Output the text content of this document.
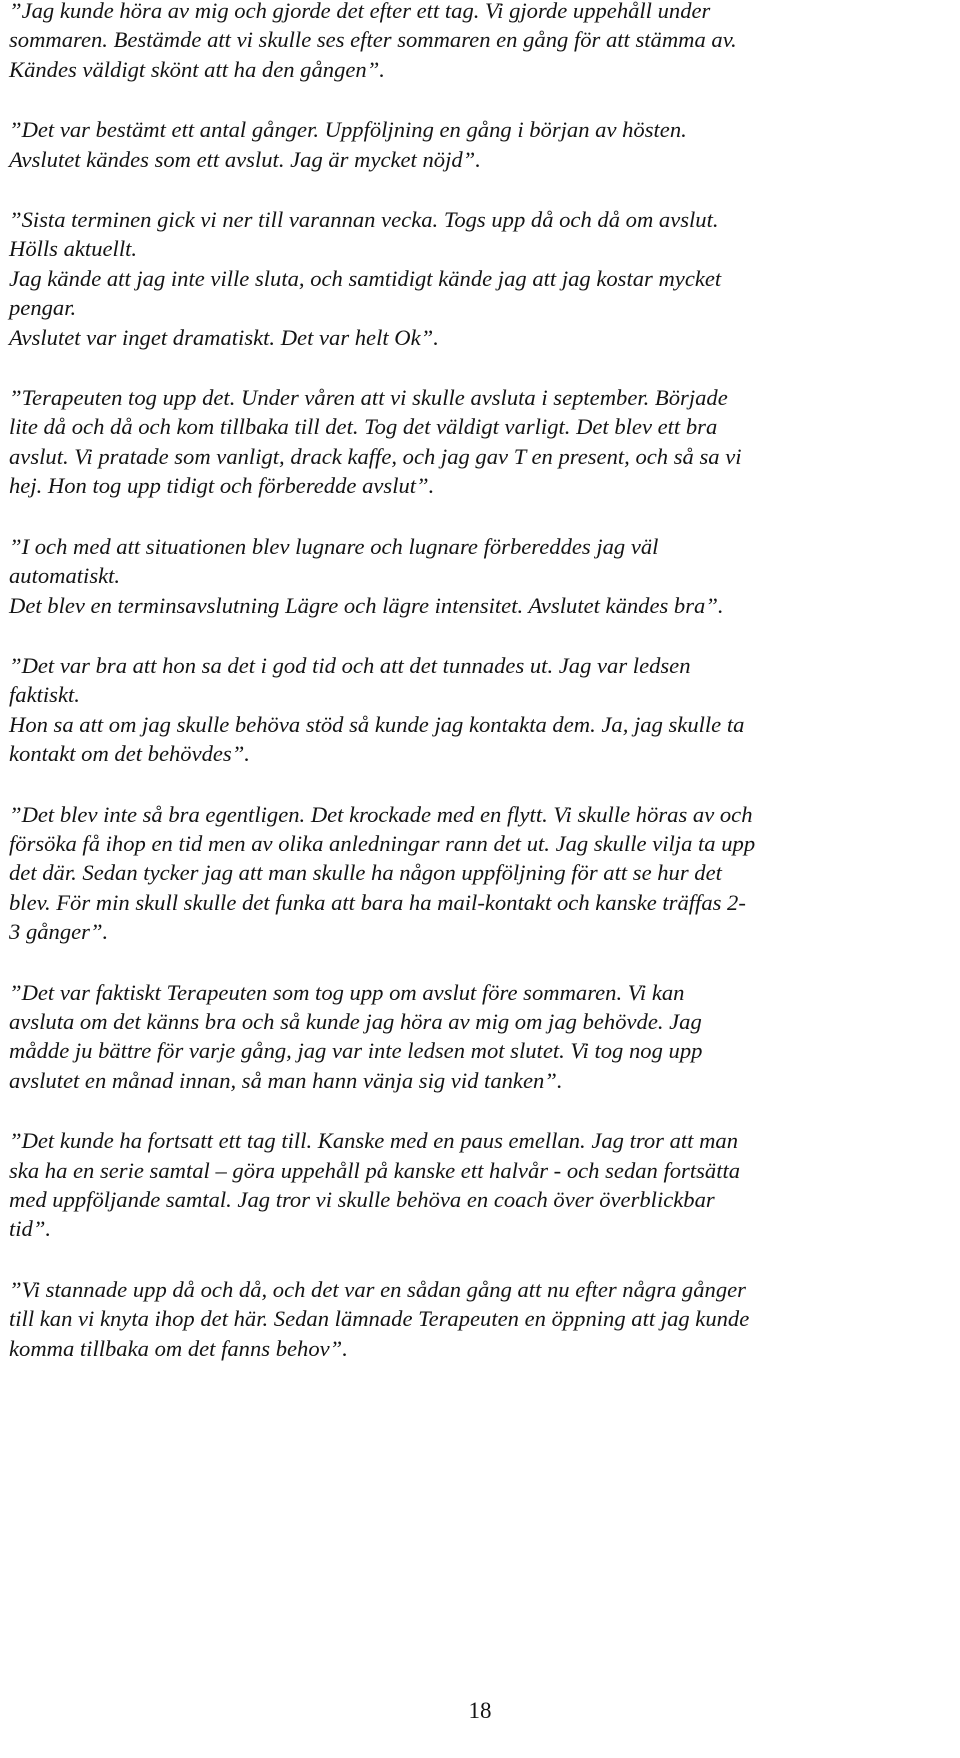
”Jag kunde höra av mig och gjorde det efter ett tag. Vi gjorde uppehåll under
sommaren. Bestämde att vi skulle ses efter sommaren en gång för att stämma av.
Kändes väldigt skönt att ha den gången”.
”Det var bestämt ett antal gånger. Uppföljning en gång i början av hösten.
Avslutet kändes som ett avslut. Jag är mycket nöjd”.
”Sista terminen gick vi ner till varannan vecka. Togs upp då och då om avslut.
Hölls aktuellt.
Jag kände att jag inte ville sluta, och samtidigt kände jag att jag kostar mycket
pengar.
Avslutet var inget dramatiskt. Det var helt Ok”.
”Terapeuten tog upp det. Under våren att vi skulle avsluta i september. Började
lite då och då och kom tillbaka till det. Tog det väldigt varligt. Det blev ett bra
avslut. Vi pratade som vanligt, drack kaffe, och jag gav T en present, och så sa vi
hej. Hon tog upp tidigt och förberedde avslut”.
”I och med att situationen blev lugnare och lugnare förbereddes jag väl
automatiskt.
Det blev en terminsavslutning Lägre och lägre intensitet. Avslutet kändes bra”.
”Det var bra att hon sa det i god tid och att det tunnades ut. Jag var ledsen
faktiskt.
Hon sa att om jag skulle behöva stöd så kunde jag kontakta dem. Ja, jag skulle ta
kontakt om det behövdes”.
”Det blev inte så bra egentligen. Det krockade med en flytt. Vi skulle höras av och
försöka få ihop en tid men av olika anledningar rann det ut. Jag skulle vilja ta upp
det där. Sedan tycker jag att man skulle ha någon uppföljning för att se hur det
blev. För min skull skulle det funka att bara ha mail-kontakt och kanske träffas 2-
3 gånger”.
”Det var faktiskt Terapeuten som tog upp om avslut före sommaren. Vi kan
avsluta om det känns bra och så kunde jag höra av mig om jag behövde. Jag
mådde ju bättre för varje gång, jag var inte ledsen mot slutet. Vi tog nog upp
avslutet en månad innan, så man hann vänja sig vid tanken”.
”Det kunde ha fortsatt ett tag till. Kanske med en paus emellan. Jag tror att man
ska ha en serie samtal – göra uppehåll på kanske ett halvår - och sedan fortsätta
med uppföljande samtal. Jag tror vi skulle behöva en coach över överblickbar
tid”.
”Vi stannade upp då och då, och det var en sådan gång att nu efter några gånger
till kan vi knyta ihop det här. Sedan lämnade Terapeuten en öppning att jag kunde
komma tillbaka om det fanns behov”.
18
